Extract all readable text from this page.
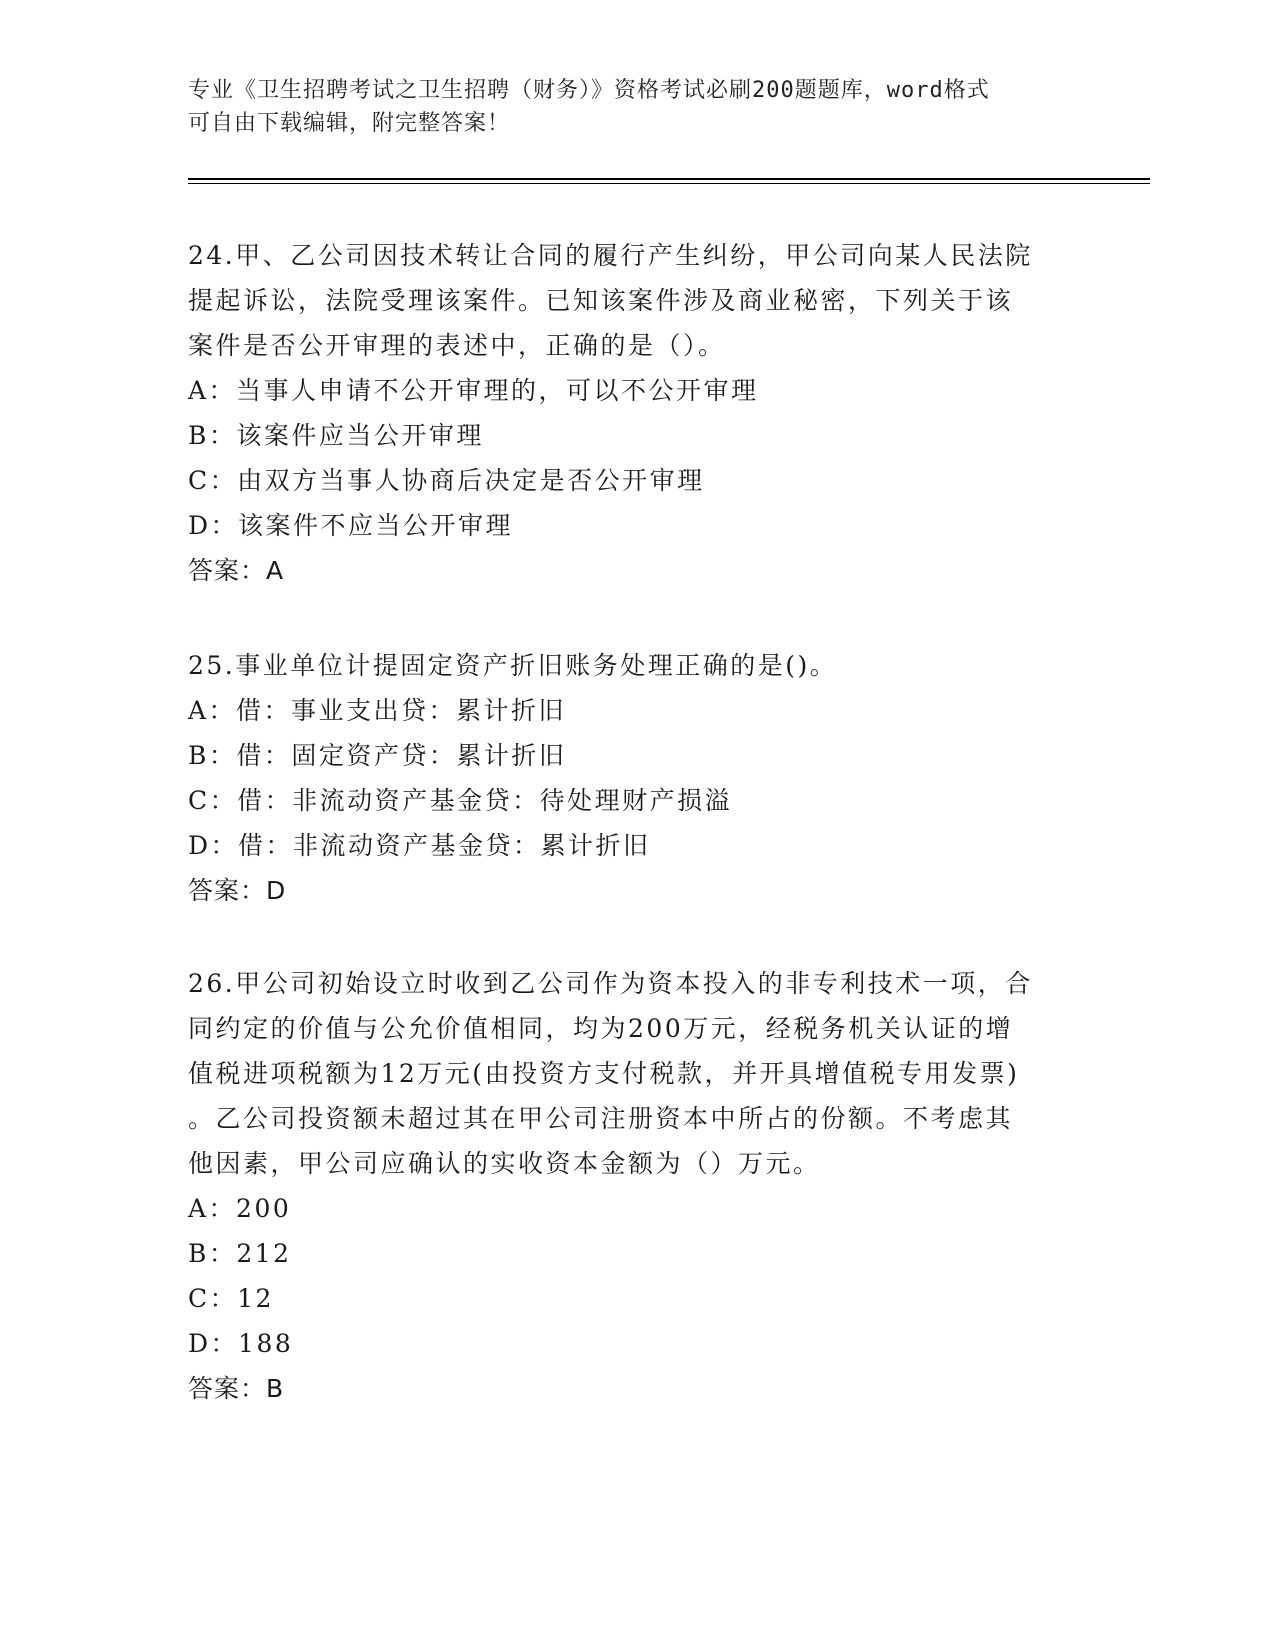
专业《卫生招聘考试之卫生招聘（财务）》资格考试必刷200题题库，word格式
可自由下载编辑，附完整答案！
24.甲、乙公司因技术转让合同的履行产生纠纷，甲公司向某人民法院
提起诉讼，法院受理该案件。已知该案件涉及商业秘密，下列关于该
案件是否公开审理的表述中，正确的是（）。
A：当事人申请不公开审理的，可以不公开审理
B：该案件应当公开审理
C：由双方当事人协商后决定是否公开审理
D：该案件不应当公开审理
答案：A
25.事业单位计提固定资产折旧账务处理正确的是()。
A：借：事业支出贷：累计折旧
B：借：固定资产贷：累计折旧
C：借：非流动资产基金贷：待处理财产损溢
D：借：非流动资产基金贷：累计折旧
答案：D
26.甲公司初始设立时收到乙公司作为资本投入的非专利技术一项，合
同约定的价值与公允价值相同，均为200万元，经税务机关认证的增
值税进项税额为12万元(由投资方支付税款，并开具增值税专用发票)
。乙公司投资额未超过其在甲公司注册资本中所占的份额。不考虑其
他因素，甲公司应确认的实收资本金额为（）万元。
A：200
B：212
C：12
D：188
答案：B
